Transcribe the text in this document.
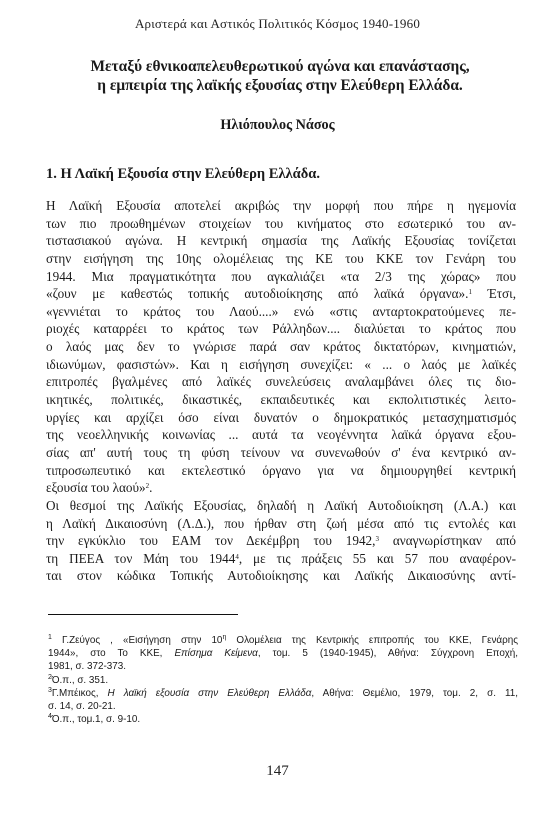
Αριστερά και Αστικός Πολιτικός Κόσμος 1940-1960
Μεταξύ εθνικοαπελευθερωτικού αγώνα και επανάστασης,
η εμπειρία της λαϊκής εξουσίας στην Ελεύθερη Ελλάδα.
Ηλιόπουλος Νάσος
1. Η Λαϊκή Εξουσία στην Ελεύθερη Ελλάδα.
Η Λαϊκή Εξουσία αποτελεί ακριβώς την μορφή που πήρε η ηγεμονία
των πιο προωθημένων στοιχείων του κινήματος στο εσωτερικό του αν-
τιστασιακού αγώνα. Η κεντρική σημασία της Λαϊκής Εξουσίας τονίζεται
στην εισήγηση της 10ης ολομέλειας της ΚΕ του ΚΚΕ τον Γενάρη του
1944. Μια πραγματικότητα που αγκαλιάζει «τα 2/3 της χώρας» που
«ζουν με καθεστώς τοπικής αυτοδιοίκησης από λαϊκά όργανα».$^1$ Έτσι,
«γεννιέται το κράτος του Λαού....» ενώ «στις ανταρτοκρατούμενες πε-
ριοχές καταρρέει το κράτος των Ράλληδων.... διαλύεται το κράτος που
ο λαός μας δεν το γνώρισε παρά σαν κράτος δικτατόρων, κινηματιών,
ιδιωνύμων, φασιστών». Και η εισήγηση συνεχίζει: « ... ο λαός με λαϊκές
επιτροπές βγαλμένες από λαϊκές συνελεύσεις αναλαμβάνει όλες τις διο-
ικητικές, πολιτικές, δικαστικές, εκπαιδευτικές και εκπολιτιστικές λειτο-
υργίες και αρχίζει όσο είναι δυνατόν ο δημοκρατικός μετασχηματισμός
της νεοελληνικής κοινωνίας ... αυτά τα νεογέννητα λαϊκά όργανα εξου-
σίας απ' αυτή τους τη φύση τείνουν να συνενωθούν σ' ένα κεντρικό αν-
τιπροσωπευτικό και εκτελεστικό όργανο για να δημιουργηθεί κεντρική
εξουσία του λαού»$^2$.
Οι θεσμοί της Λαϊκής Εξουσίας, δηλαδή η Λαϊκή Αυτοδιοίκηση (Λ.Α.) και
η Λαϊκή Δικαιοσύνη (Λ.Δ.), που ήρθαν στη ζωή μέσα από τις εντολές και
την εγκύκλιο του ΕΑΜ τον Δεκέμβρη του 1942,$^3$ αναγνωρίστηκαν από
τη ΠΕΕΑ τον Μάη του 1944$^4$, με τις πράξεις 55 και 57 που αναφέρον-
ται στον κώδικα Τοπικής Αυτοδιοίκησης και Λαϊκής Δικαιοσύνης αντί-
$^1$ Γ.Ζεύγος , «Εισήγηση στην $10^\eta$ Ολομέλεια της Κεντρικής επιτροπής του ΚΚΕ, Γενάρης
1944», στο Το ΚΚΕ, Επίσημα Κείμενα, τομ. 5 (1940-1945), Αθήνα: Σύγχρονη Εποχή,
1981, σ. 372-373.
$^2$Ό.π., σ. 351.
$^3$Γ.Μπέικος, Η λαϊκή εξουσία στην Ελεύθερη Ελλάδα, Αθήνα: Θεμέλιο, 1979, τομ. 2, σ. 11,
σ. 14, σ. 20-21.
$^4$Ό.π., τομ.1, σ. 9-10.
147
